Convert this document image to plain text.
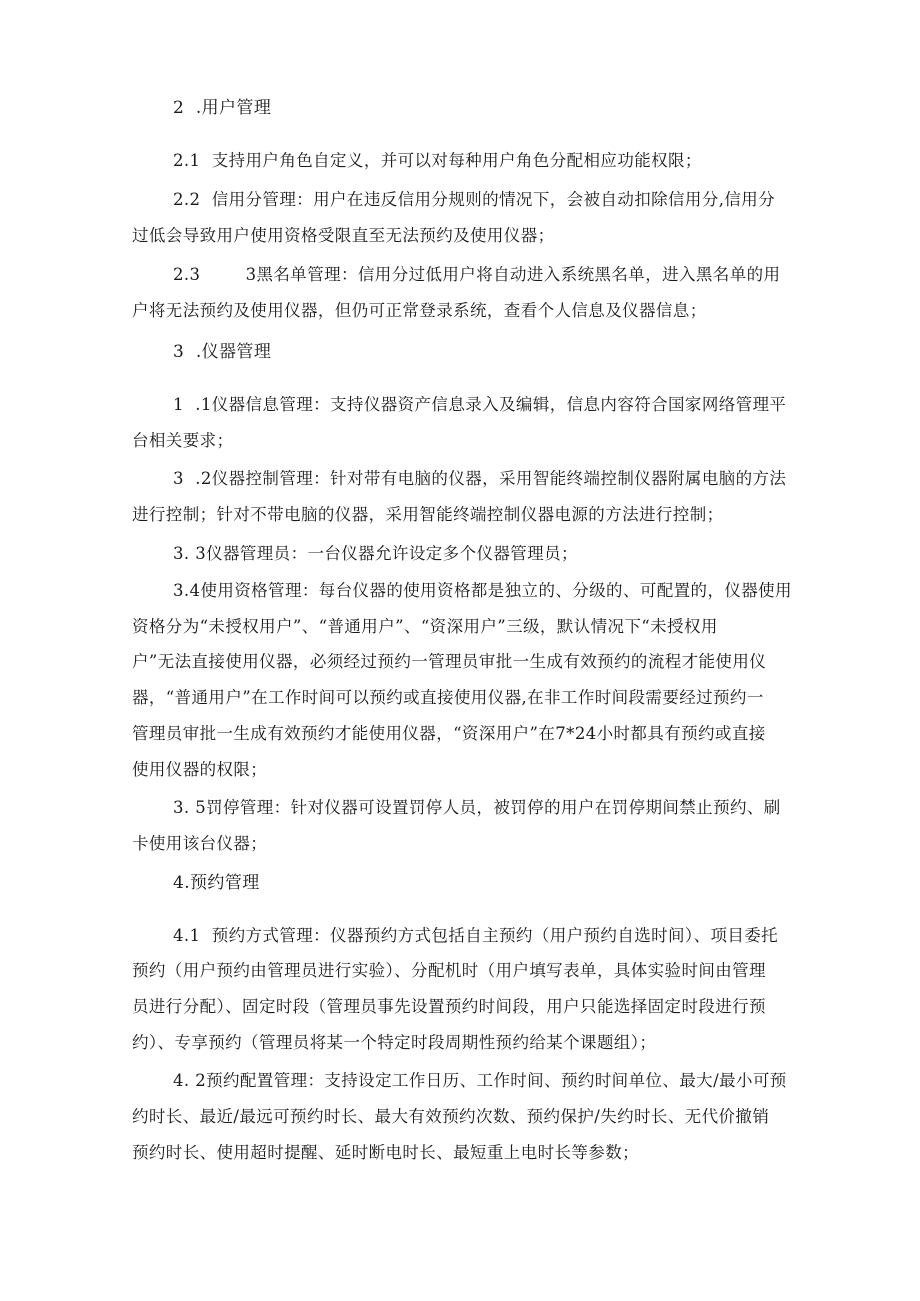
2  .用户管理
2.1  支持用户角色自定义，并可以对每种用户角色分配相应功能权限；
2.2  信用分管理：用户在违反信用分规则的情况下，会被自动扣除信用分,信用分
过低会导致用户使用资格受限直至无法预约及使用仪器；
2.3        3黑名单管理：信用分过低用户将自动进入系统黑名单，进入黑名单的用
户将无法预约及使用仪器，但仍可正常登录系统，查看个人信息及仪器信息；
3  .仪器管理
1  .1仪器信息管理：支持仪器资产信息录入及编辑，信息内容符合国家网络管理平
台相关要求；
3  .2仪器控制管理：针对带有电脑的仪器，采用智能终端控制仪器附属电脑的方法
进行控制；针对不带电脑的仪器，采用智能终端控制仪器电源的方法进行控制；
3. 3仪器管理员：一台仪器允许设定多个仪器管理员；
3.4使用资格管理：每台仪器的使用资格都是独立的、分级的、可配置的，仪器使用
资格分为“未授权用户”、“普通用户”、“资深用户”三级，默认情况下“未授权用
户”无法直接使用仪器，必须经过预约一管理员审批一生成有效预约的流程才能使用仪
器，“普通用户”在工作时间可以预约或直接使用仪器,在非工作时间段需要经过预约一
管理员审批一生成有效预约才能使用仪器，“资深用户”在7*24小时都具有预约或直接
使用仪器的权限；
3. 5罚停管理：针对仪器可设置罚停人员，被罚停的用户在罚停期间禁止预约、刷
卡使用该台仪器；
4.预约管理
4.1  预约方式管理：仪器预约方式包括自主预约（用户预约自选时间）、项目委托
预约（用户预约由管理员进行实验）、分配机时（用户填写表单，具体实验时间由管理
员进行分配）、固定时段（管理员事先设置预约时间段，用户只能选择固定时段进行预
约）、专享预约（管理员将某一个特定时段周期性预约给某个课题组）；
4. 2预约配置管理：支持设定工作日历、工作时间、预约时间单位、最大/最小可预
约时长、最近/最远可预约时长、最大有效预约次数、预约保护/失约时长、无代价撤销
预约时长、使用超时提醒、延时断电时长、最短重上电时长等参数；
